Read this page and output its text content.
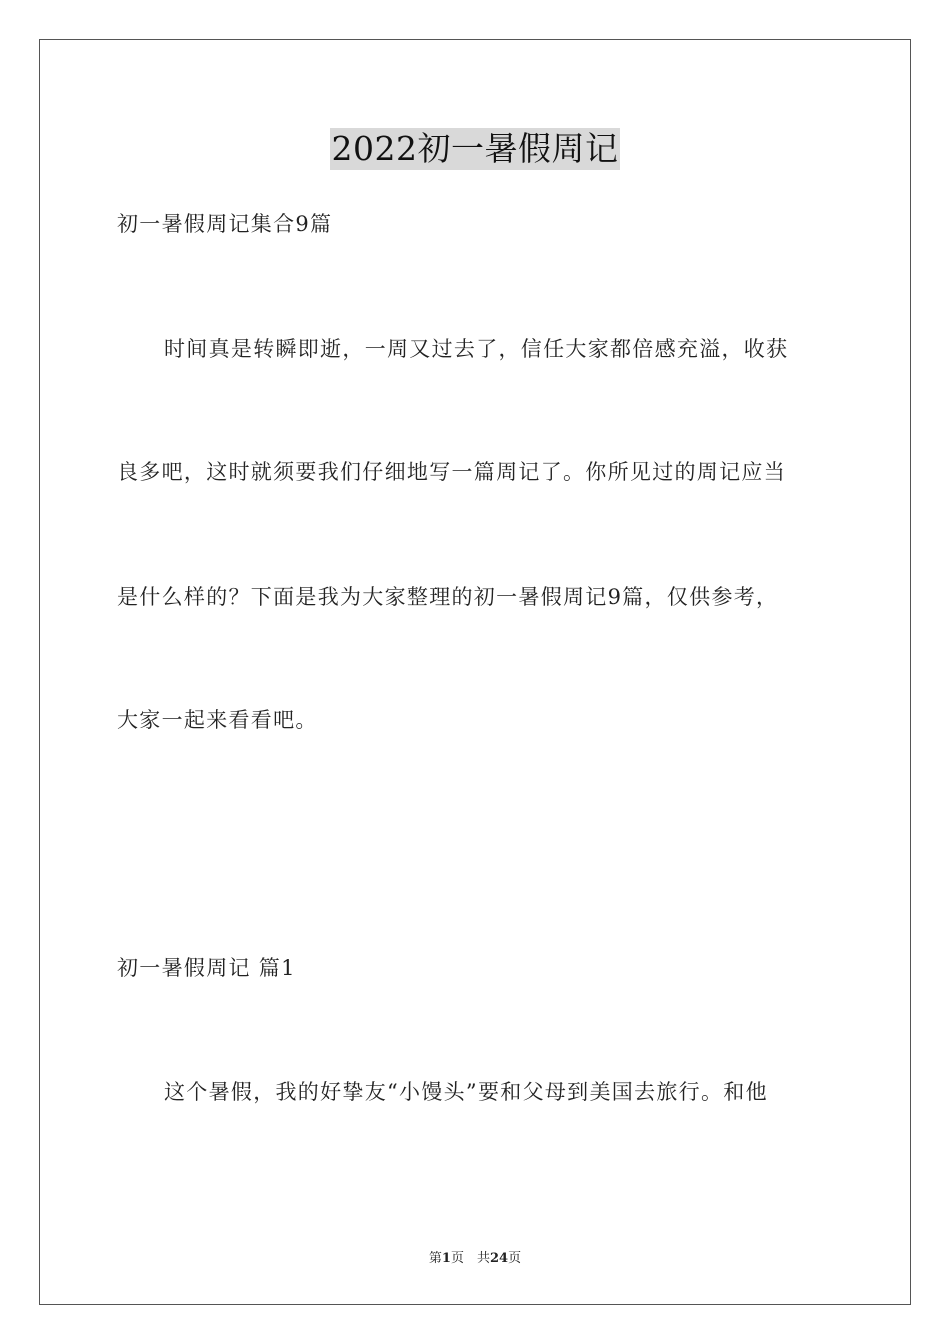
2022初一暑假周记
初一暑假周记集合9篇
时间真是转瞬即逝，一周又过去了，信任大家都倍感充溢，收获
良多吧，这时就须要我们仔细地写一篇周记了。你所见过的周记应当
是什么样的？下面是我为大家整理的初一暑假周记9篇，仅供参考，
大家一起来看看吧。
初一暑假周记 篇1
这个暑假，我的好挚友“小馒头”要和父母到美国去旅行。和他
第1页　共24页
